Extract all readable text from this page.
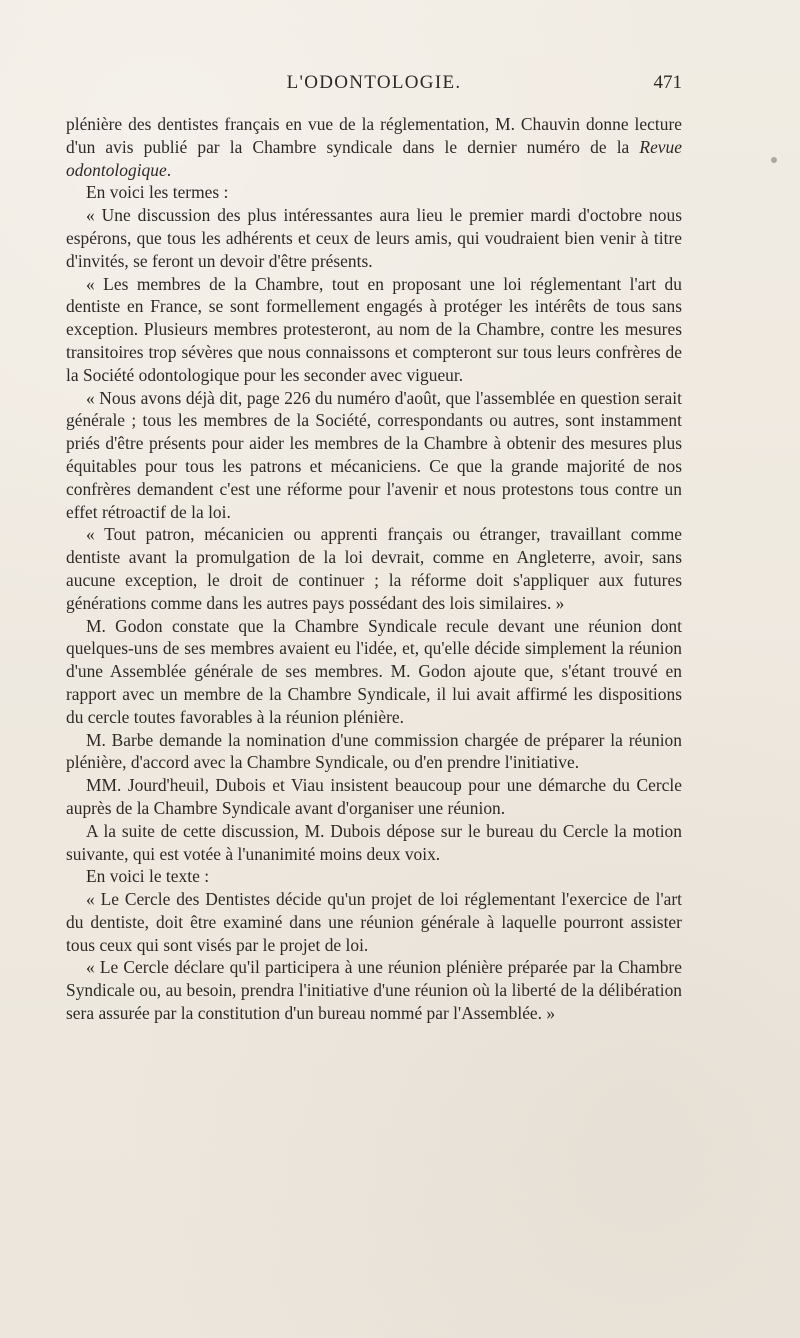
L'ODONTOLOGIE.	471

plénière des dentistes français en vue de la réglementation, M. Chauvin donne lecture d'un avis publié par la Chambre syndicale dans le dernier numéro de la Revue odontologique.

En voici les termes :

« Une discussion des plus intéressantes aura lieu le premier mardi d'octobre nous espérons, que tous les adhérents et ceux de leurs amis, qui voudraient bien venir à titre d'invités, se feront un devoir d'être présents.

« Les membres de la Chambre, tout en proposant une loi réglementant l'art du dentiste en France, se sont formellement engagés à protéger les intérêts de tous sans exception. Plusieurs membres protesteront, au nom de la Chambre, contre les mesures transitoires trop sévères que nous connaissons et compteront sur tous leurs confrères de la Société odontologique pour les seconder avec vigueur.

« Nous avons déjà dit, page 226 du numéro d'août, que l'assemblée en question serait générale ; tous les membres de la Société, correspondants ou autres, sont instamment priés d'être présents pour aider les membres de la Chambre à obtenir des mesures plus équitables pour tous les patrons et mécaniciens. Ce que la grande majorité de nos confrères demandent c'est une réforme pour l'avenir et nous protestons tous contre un effet rétroactif de la loi.

« Tout patron, mécanicien ou apprenti français ou étranger, travaillant comme dentiste avant la promulgation de la loi devrait, comme en Angleterre, avoir, sans aucune exception, le droit de continuer ; la réforme doit s'appliquer aux futures générations comme dans les autres pays possédant des lois similaires. »

M. Godon constate que la Chambre Syndicale recule devant une réunion dont quelques-uns de ses membres avaient eu l'idée, et, qu'elle décide simplement la réunion d'une Assemblée générale de ses membres. M. Godon ajoute que, s'étant trouvé en rapport avec un membre de la Chambre Syndicale, il lui avait affirmé les dispositions du cercle toutes favorables à la réunion plénière.

M. Barbe demande la nomination d'une commission chargée de préparer la réunion plénière, d'accord avec la Chambre Syndicale, ou d'en prendre l'initiative.

MM. Jourd'heuil, Dubois et Viau insistent beaucoup pour une démarche du Cercle auprès de la Chambre Syndicale avant d'organiser une réunion.

A la suite de cette discussion, M. Dubois dépose sur le bureau du Cercle la motion suivante, qui est votée à l'unanimité moins deux voix.

En voici le texte :

« Le Cercle des Dentistes décide qu'un projet de loi réglementant l'exercice de l'art du dentiste, doit être examiné dans une réunion générale à laquelle pourront assister tous ceux qui sont visés par le projet de loi.

« Le Cercle déclare qu'il participera à une réunion plénière préparée par la Chambre Syndicale ou, au besoin, prendra l'initiative d'une réunion où la liberté de la délibération sera assurée par la constitution d'un bureau nommé par l'Assemblée. »
